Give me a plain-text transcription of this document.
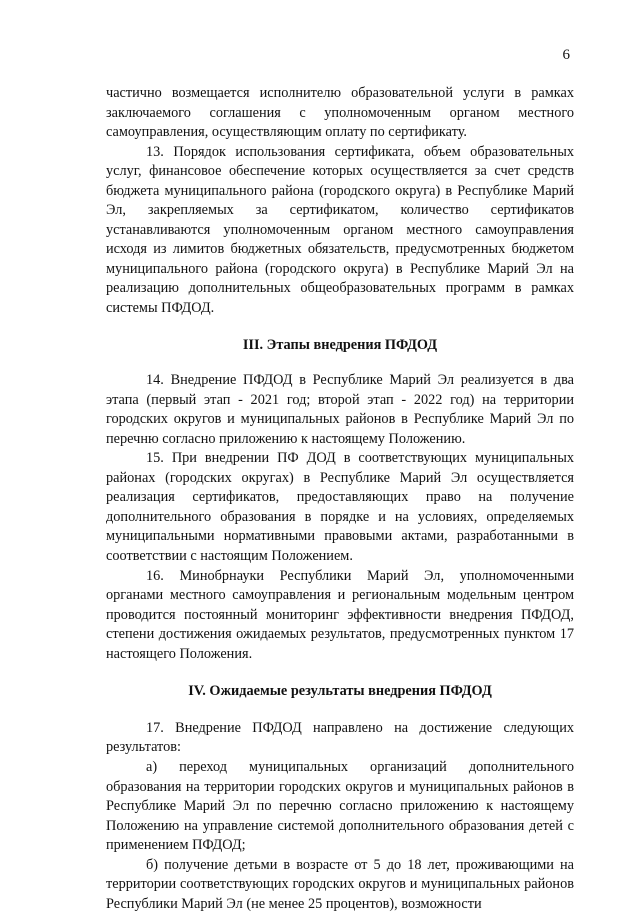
6

частично возмещается исполнителю образовательной услуги в рамках заключаемого соглашения с уполномоченным органом местного самоуправления, осуществляющим оплату по сертификату.

13. Порядок использования сертификата, объем образовательных услуг, финансовое обеспечение которых осуществляется за счет средств бюджета муниципального района (городского округа) в Республике Марий Эл, закрепляемых за сертификатом, количество сертификатов устанавливаются уполномоченным органом местного самоуправления исходя из лимитов бюджетных обязательств, предусмотренных бюджетом муниципального района (городского округа) в Республике Марий Эл на реализацию дополнительных общеобразовательных программ в рамках системы ПФДОД.

III. Этапы внедрения ПФДОД

14. Внедрение ПФДОД в Республике Марий Эл реализуется в два этапа (первый этап - 2021 год; второй этап - 2022 год) на территории городских округов и муниципальных районов в Республике Марий Эл по перечню согласно приложению к настоящему Положению.

15. При внедрении ПФ ДОД в соответствующих муниципальных районах (городских округах) в Республике Марий Эл осуществляется реализация сертификатов, предоставляющих право на получение дополнительного образования в порядке и на условиях, определяемых муниципальными нормативными правовыми актами, разработанными в соответствии с настоящим Положением.

16. Минобрнауки Республики Марий Эл, уполномоченными органами местного самоуправления и региональным модельным центром проводится постоянный мониторинг эффективности внедрения ПФДОД, степени достижения ожидаемых результатов, предусмотренных пунктом 17 настоящего Положения.

IV. Ожидаемые результаты внедрения ПФДОД

17. Внедрение ПФДОД направлено на достижение следующих результатов:

а) переход муниципальных организаций дополнительного образования на территории городских округов и муниципальных районов в Республике Марий Эл по перечню согласно приложению к настоящему Положению на управление системой дополнительного образования детей с применением ПФДОД;

б) получение детьми в возрасте от 5 до 18 лет, проживающими на территории соответствующих городских округов и муниципальных районов Республики Марий Эл (не менее 25 процентов), возможности
